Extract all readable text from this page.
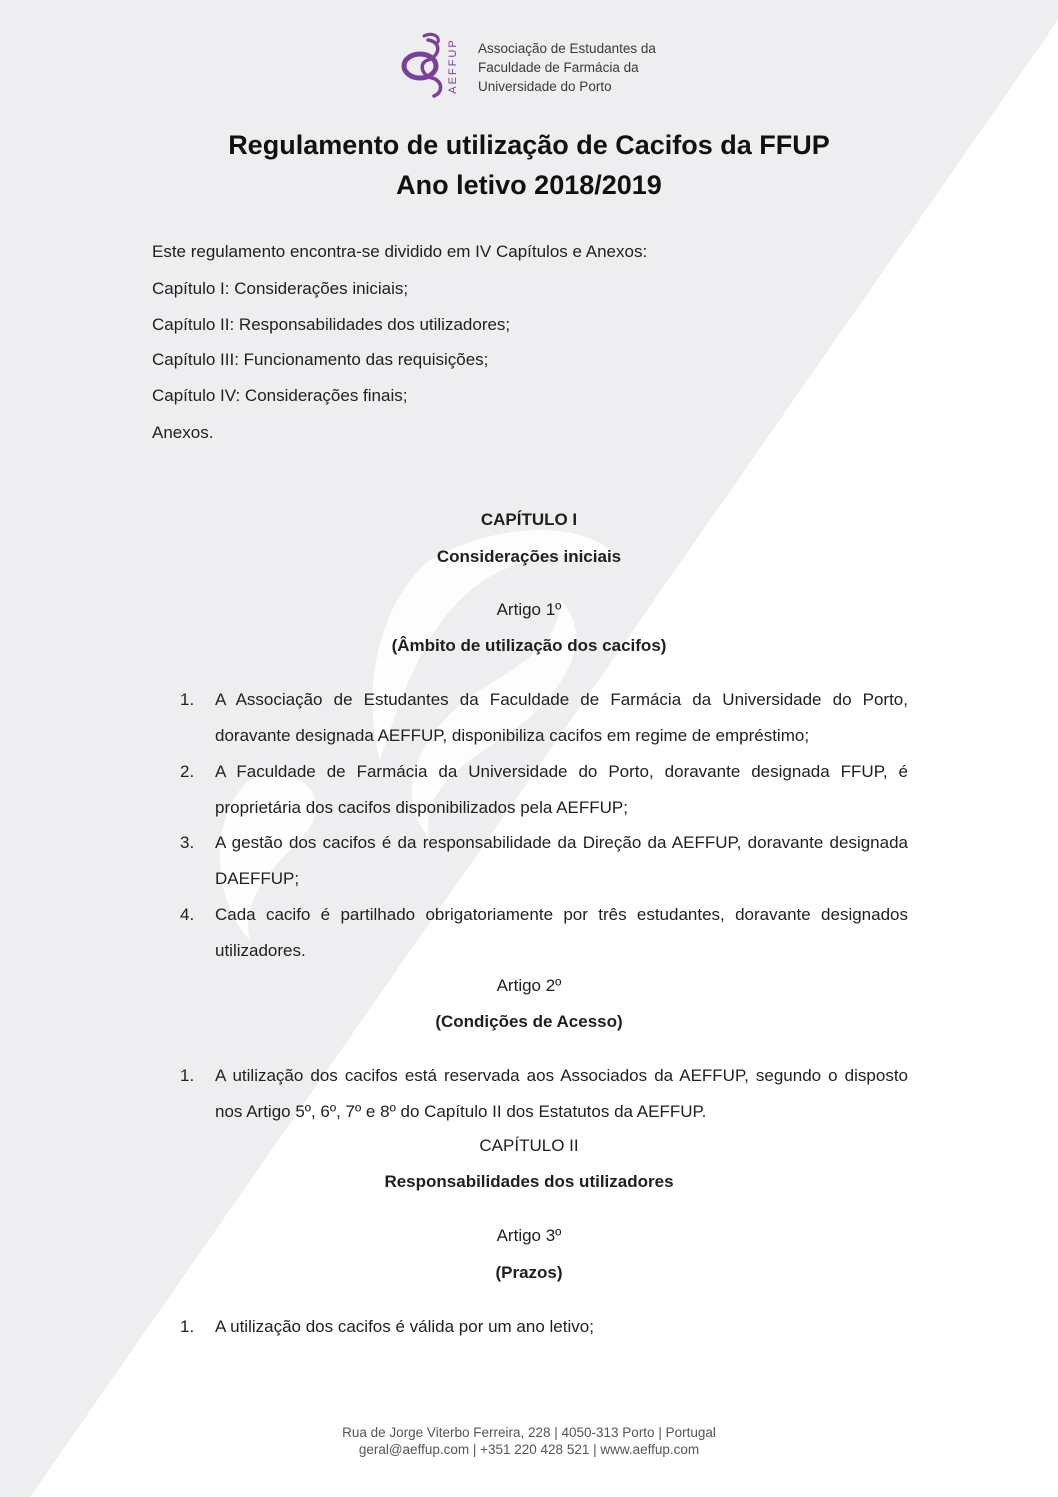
AEFFUP Associação de Estudantes da
Faculdade de Farmácia da
Universidade do Porto
Regulamento de utilização de Cacifos da FFUP
Ano letivo 2018/2019
Este regulamento encontra-se dividido em IV Capítulos e Anexos:
Capítulo I: Considerações iniciais;
Capítulo II: Responsabilidades dos utilizadores;
Capítulo III: Funcionamento das requisições;
Capítulo IV: Considerações finais;
Anexos.
CAPÍTULO I
Considerações iniciais
Artigo 1º
(Âmbito de utilização dos cacifos)
1.	A Associação de Estudantes da Faculdade de Farmácia da Universidade do Porto, doravante designada AEFFUP, disponibiliza cacifos em regime de empréstimo;
2.	A Faculdade de Farmácia da Universidade do Porto, doravante designada FFUP, é proprietária dos cacifos disponibilizados pela AEFFUP;
3.	A gestão dos cacifos é da responsabilidade da Direção da AEFFUP, doravante designada DAEFFUP;
4.	Cada cacifo é partilhado obrigatoriamente por três estudantes, doravante designados utilizadores.
Artigo 2º
(Condições de Acesso)
1.	A utilização dos cacifos está reservada aos Associados da AEFFUP, segundo o disposto nos Artigo 5º, 6º, 7º e 8º do Capítulo II dos Estatutos da AEFFUP.
CAPÍTULO II
Responsabilidades dos utilizadores
Artigo 3º
(Prazos)
1.	A utilização dos cacifos é válida por um ano letivo;
Rua de Jorge Viterbo Ferreira, 228 | 4050-313 Porto | Portugal
geral@aeffup.com | +351 220 428 521 | www.aeffup.com
